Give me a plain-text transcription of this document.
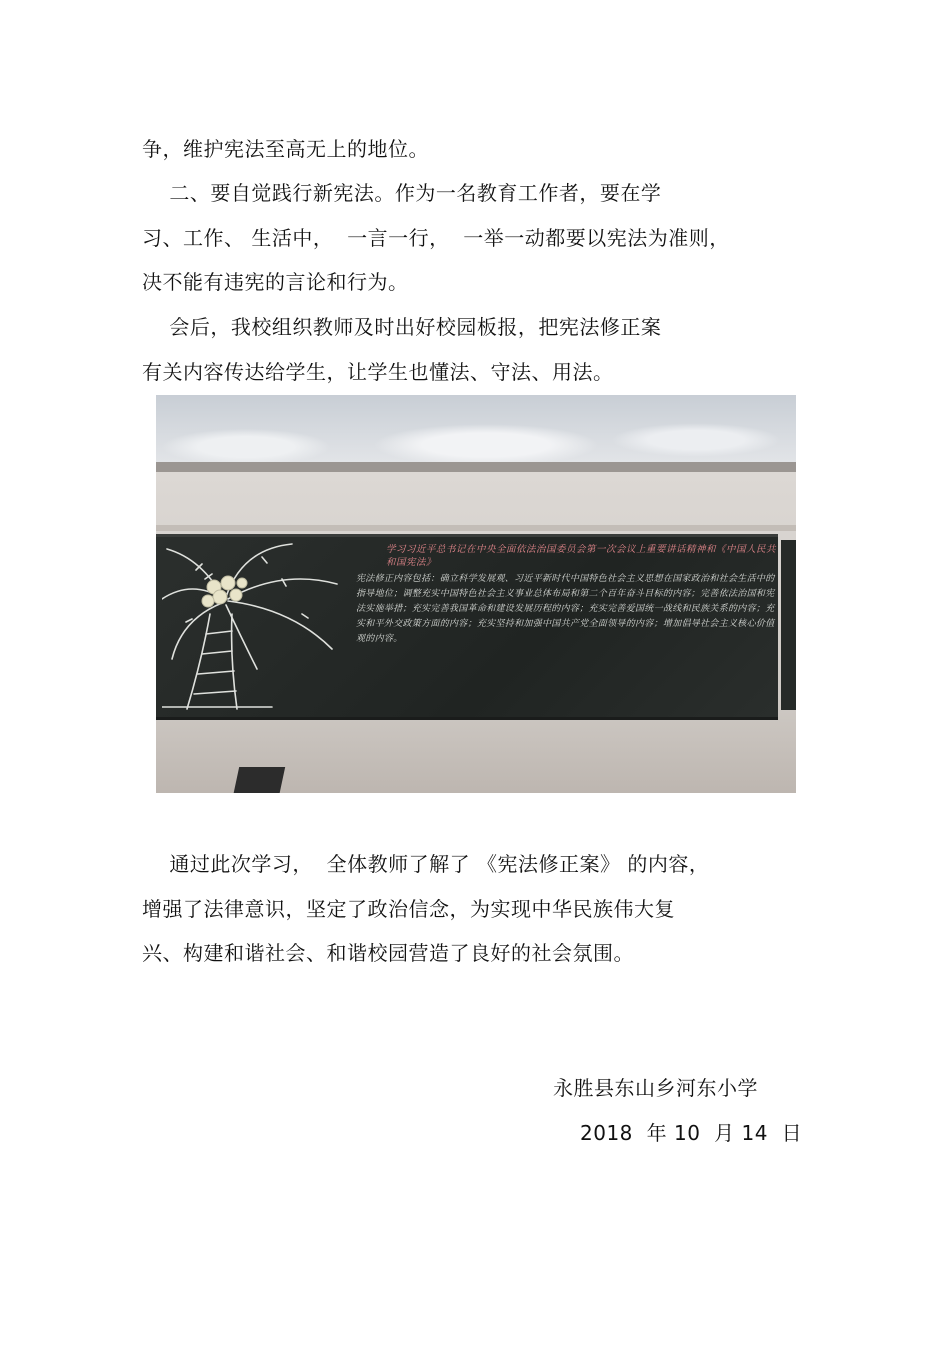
争，维护宪法至高无上的地位。
二、要自觉践行新宪法。作为一名教育工作者，要在学
习、工作、 生活中，  一言一行，  一举一动都要以宪法为准则，
决不能有违宪的言论和行为。
会后，我校组织教师及时出好校园板报，把宪法修正案
有关内容传达给学生，让学生也懂法、守法、用法。
学习习近平总书记在中央全面依法治国委员会第一次会议上重要讲话精神和《中国人民共和国宪法》
宪法修正内容包括：确立科学发展观、习近平新时代中国特色社会主义思想在国家政治和社会生活中的指导地位；调整充实中国特色社会主义事业总体布局和第二个百年奋斗目标的内容；完善依法治国和宪法实施举措；充实完善我国革命和建设发展历程的内容；充实完善爱国统一战线和民族关系的内容；充实和平外交政策方面的内容；充实坚持和加强中国共产党全面领导的内容；增加倡导社会主义核心价值观的内容。
通过此次学习，  全体教师了解了 《宪法修正案》 的内容，
增强了法律意识，坚定了政治信念，为实现中华民族伟大复
兴、构建和谐社会、和谐校园营造了良好的社会氛围。
永胜县东山乡河东小学
2018  年 10  月 14  日
